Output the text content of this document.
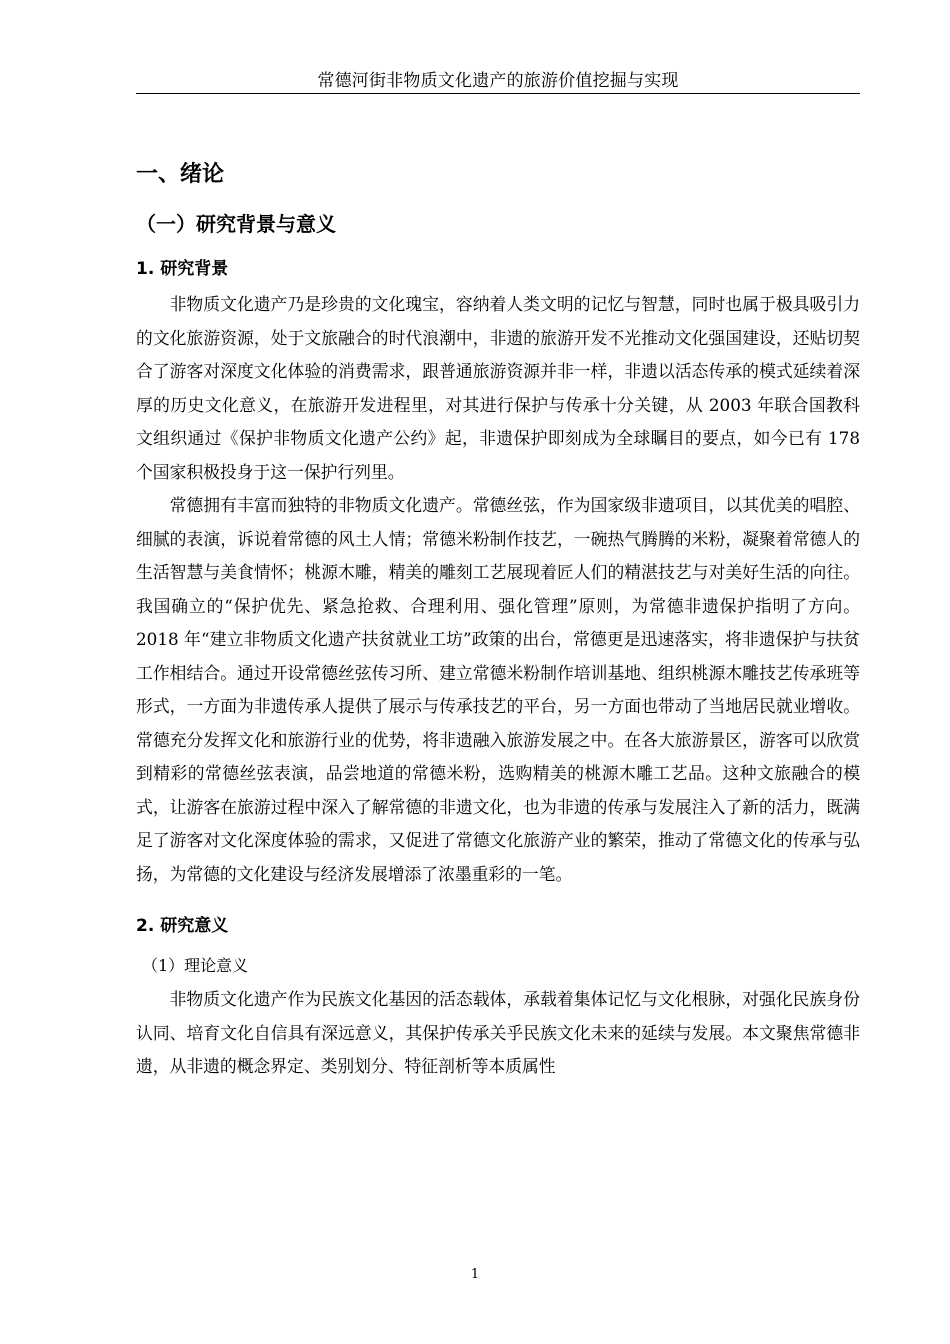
常德河街非物质文化遗产的旅游价值挖掘与实现
一、绪论
（一）研究背景与意义
1. 研究背景

非物质文化遗产乃是珍贵的文化瑰宝，容纳着人类文明的记忆与智慧，同时也属于极具吸引力的文化旅游资源，处于文旅融合的时代浪潮中，非遗的旅游开发不光推动文化强国建设，还贴切契合了游客对深度文化体验的消费需求，跟普通旅游资源并非一样，非遗以活态传承的模式延续着深厚的历史文化意义，在旅游开发进程里，对其进行保护与传承十分关键，从 2003 年联合国教科文组织通过《保护非物质文化遗产公约》起，非遗保护即刻成为全球瞩目的要点，如今已有 178 个国家积极投身于这一保护行列里。

常德拥有丰富而独特的非物质文化遗产。常德丝弦，作为国家级非遗项目，以其优美的唱腔、细腻的表演，诉说着常德的风土人情；常德米粉制作技艺，一碗热气腾腾的米粉，凝聚着常德人的生活智慧与美食情怀；桃源木雕，精美的雕刻工艺展现着匠人们的精湛技艺与对美好生活的向往。我国确立的“保护优先、紧急抢救、合理利用、强化管理”原则，为常德非遗保护指明了方向。2018 年“建立非物质文化遗产扶贫就业工坊”政策的出台，常德更是迅速落实，将非遗保护与扶贫工作相结合。通过开设常德丝弦传习所、建立常德米粉制作培训基地、组织桃源木雕技艺传承班等形式，一方面为非遗传承人提供了展示与传承技艺的平台，另一方面也带动了当地居民就业增收。常德充分发挥文化和旅游行业的优势，将非遗融入旅游发展之中。在各大旅游景区，游客可以欣赏到精彩的常德丝弦表演，品尝地道的常德米粉，选购精美的桃源木雕工艺品。这种文旅融合的模式，让游客在旅游过程中深入了解常德的非遗文化，也为非遗的传承与发展注入了新的活力，既满足了游客对文化深度体验的需求，又促进了常德文化旅游产业的繁荣，推动了常德文化的传承与弘扬，为常德的文化建设与经济发展增添了浓墨重彩的一笔。

2. 研究意义
（1）理论意义

非物质文化遗产作为民族文化基因的活态载体，承载着集体记忆与文化根脉，对强化民族身份认同、培育文化自信具有深远意义，其保护传承关乎民族文化未来的延续与发展。本文聚焦常德非遗，从非遗的概念界定、类别划分、特征剖析等本质属性

1
